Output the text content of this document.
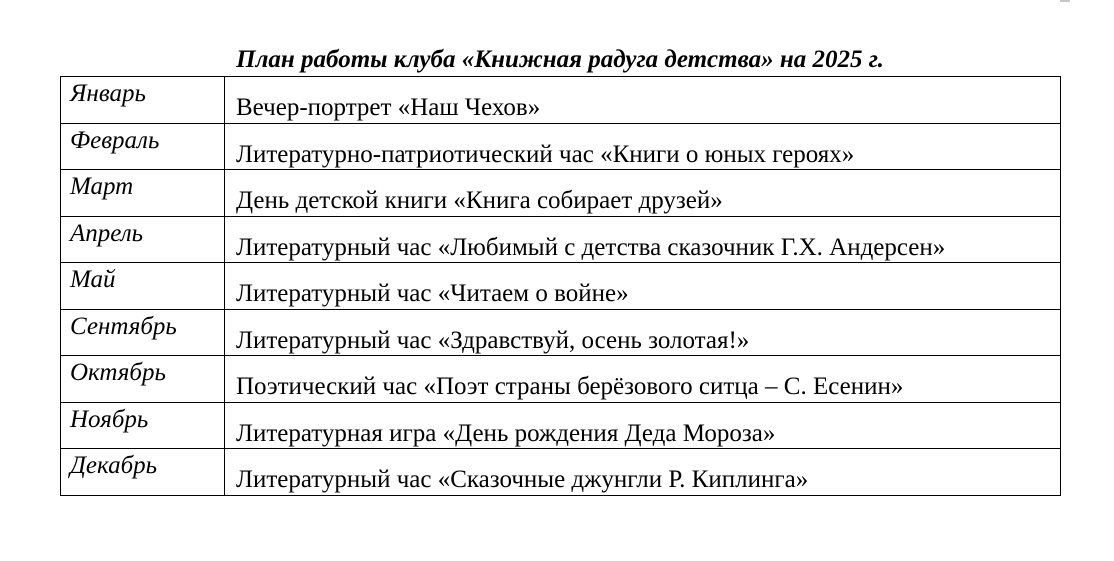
План работы клуба «Книжная радуга детства» на 2025 г.
Январь	Вечер-портрет «Наш Чехов»

Февраль	Литературно-патриотический час «Книги о юных героях»

Март	День детской книги «Книга собирает друзей»

Апрель	Литературный час «Любимый с детства сказочник Г.Х. Андерсен»

Май	Литературный час «Читаем о войне»

Сентябрь	Литературный час «Здравствуй, осень золотая!»

Октябрь	Поэтический час «Поэт страны берёзового ситца – С. Есенин»

Ноябрь	Литературная игра «День рождения Деда Мороза»

Декабрь	Литературный час «Сказочные джунгли Р. Киплинга»
